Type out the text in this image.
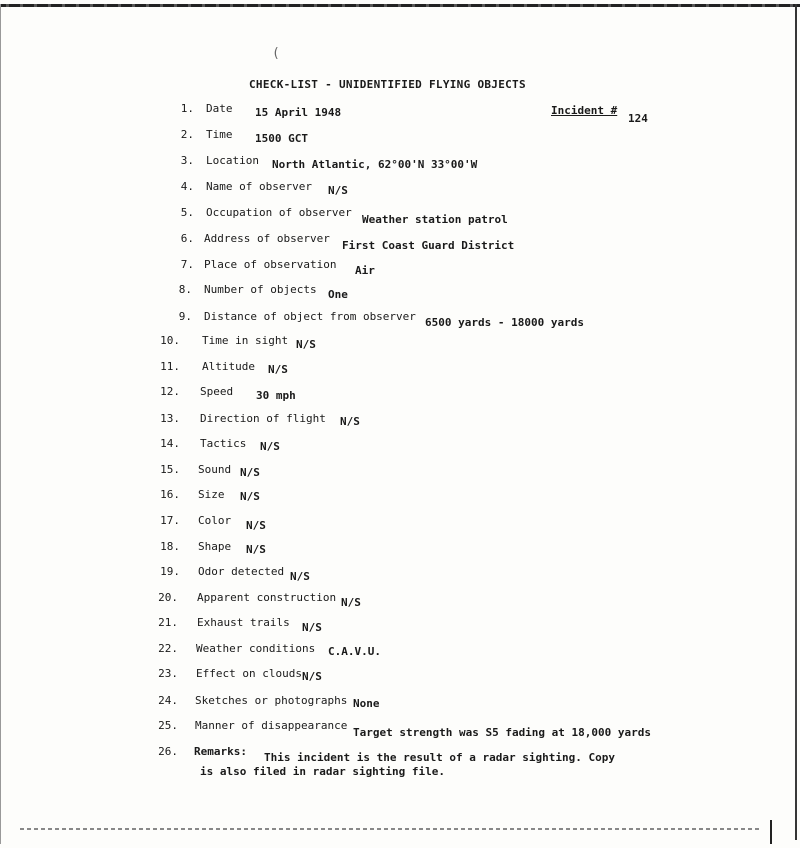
(
CHECK-LIST - UNIDENTIFIED FLYING OBJECTS
Incident #
124
1. Date 15 April 1948
2. Time 1500 GCT
3. Location North Atlantic, 62°00'N 33°00'W
4. Name of observer N/S
5. Occupation of observer
Weather station patrol
6. Address of observer
First Coast Guard District
7. Place of observation Air
8. Number of objects One
9. Distance of object from observer 6500 yards - 18000 yards
10. Time in sight N/S
11. Altitude N/S
12. Speed 30 mph
13. Direction of flight N/S
14. Tactics N/S
15. Sound N/S
16. Size N/S
17. Color N/S
18. Shape N/S
19. Odor detected N/S
20. Apparent construction N/S
21. Exhaust trails N/S
22. Weather conditions C.A.V.U.
23. Effect on clouds N/S
24. Sketches or photographs None
25. Manner of disappearance
Target strength was S5 fading at 18,000 yards
26. Remarks: This incident is the result of a radar sighting. Copy
is also filed in radar sighting file.
